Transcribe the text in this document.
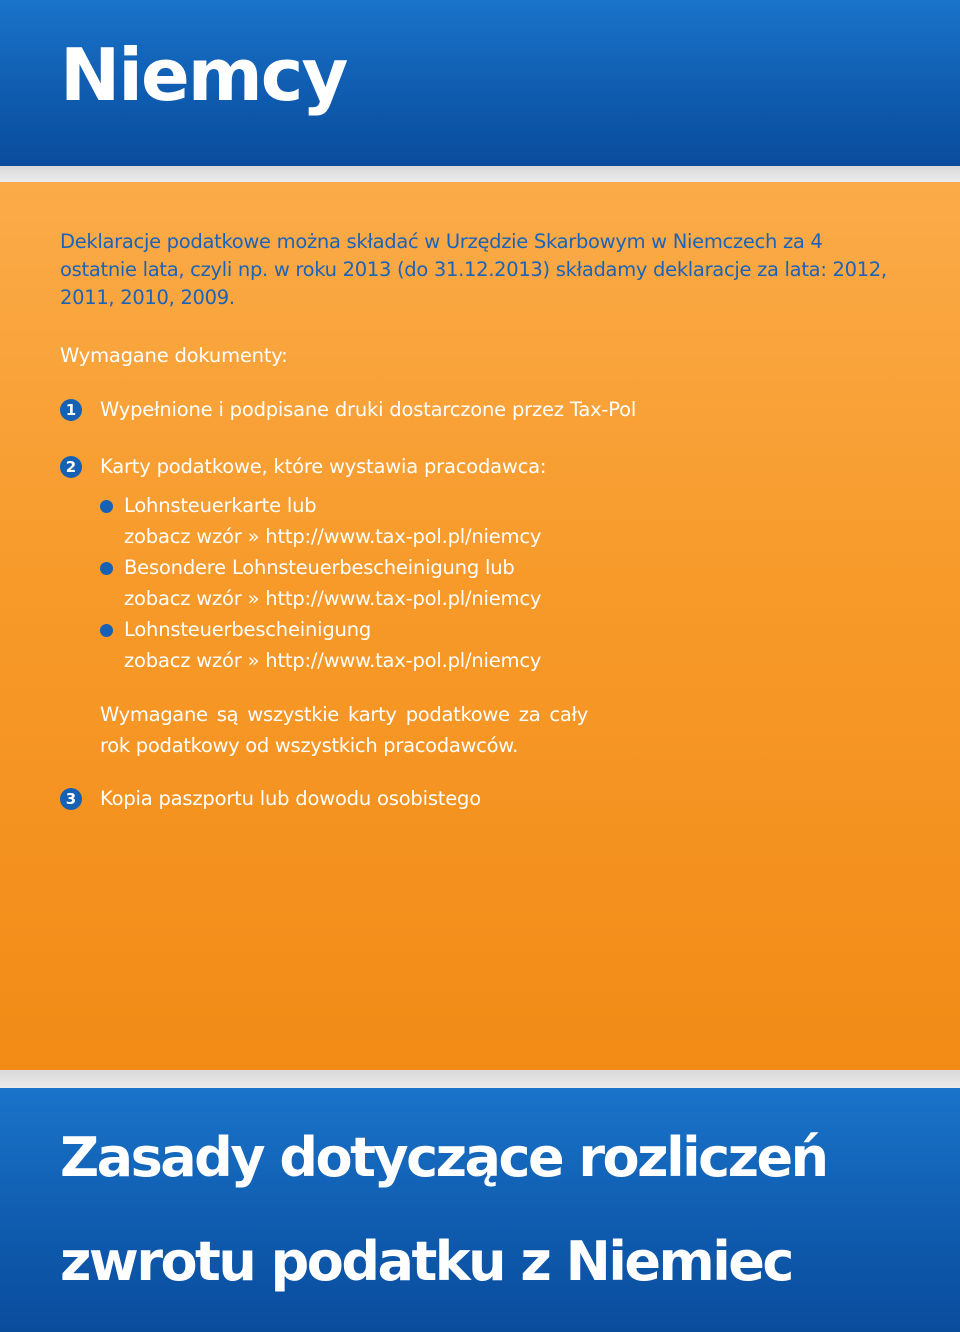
Niemcy

Deklaracje podatkowe można składać w Urzędzie Skarbowym w Niemczech za 4 ostatnie lata, czyli np. w roku 2013 (do 31.12.2013) składamy deklaracje za lata: 2012, 2011, 2010, 2009.

Wymagane dokumenty:
1 Wypełnione i podpisane druki dostarczone przez Tax-Pol
2 Karty podatkowe, które wystawia pracodawca:
Lohnsteuerkarte lub
zobacz wzór » http://www.tax-pol.pl/niemcy
Besondere Lohnsteuerbescheinigung lub
zobacz wzór » http://www.tax-pol.pl/niemcy
Lohnsteuerbescheinigung
zobacz wzór » http://www.tax-pol.pl/niemcy

Wymagane są wszystkie karty podatkowe za cały rok podatkowy od wszystkich pracodawców.

3 Kopia paszportu lub dowodu osobistego
Zasady dotyczące rozliczeń
zwrotu podatku z Niemiec
